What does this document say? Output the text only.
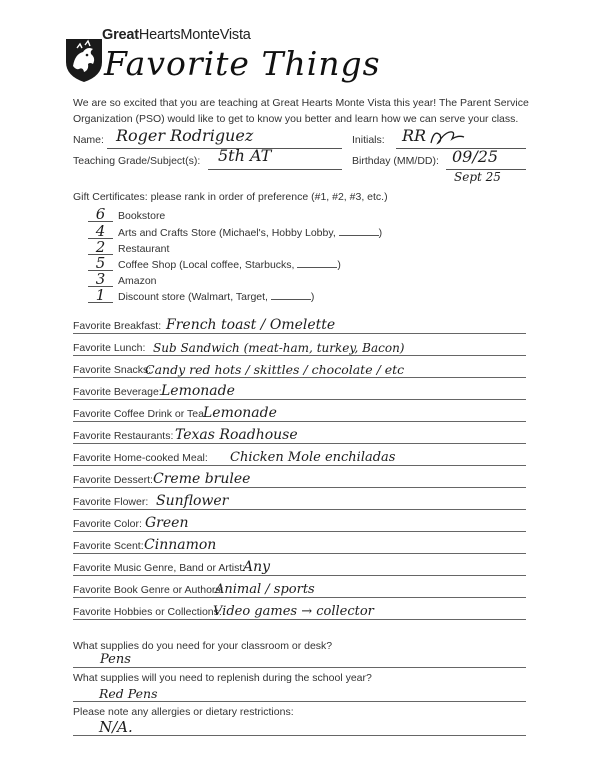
GreatHeartsMonteVista
Favorite Things
We are so excited that you are teaching at Great Hearts Monte Vista this year! The Parent Service Organization (PSO) would like to get to know you better and learn how we can serve your class.
Name: Roger Rodriguez	Initials: RR
Teaching Grade/Subject(s): 5th AT	Birthday (MM/DD): 09/25
Sept 25
Gift Certificates: please rank in order of preference (#1, #2, #3, etc.)
6 Bookstore
4 Arts and Crafts Store (Michael's, Hobby Lobby,	)
2 Restaurant
5 Coffee Shop (Local coffee, Starbucks,	)
3 Amazon
1 Discount store (Walmart, Target,	)
Favorite Breakfast: French toast / Omelette
Favorite Lunch: Sub Sandwich (meat-ham, turkey, Bacon)
Favorite Snacks:
Candy red hots / skittles / chocolate / etc
Favorite Beverage: Lemonade
Favorite Coffee Drink or Tea:
Lemonade
Favorite Restaurants: Texas Roadhouse
Favorite Home-cooked Meal: Chicken Mole enchiladas
Favorite Dessert: Creme brulee
Favorite Flower: Sunflower
Favorite Color: Green
Favorite Scent: Cinnamon
Favorite Music Genre, Band or Artist:
Any
Favorite Book Genre or Authors:
Animal / sports
Favorite Hobbies or Collections:
Video games → collector
What supplies do you need for your classroom or desk?
Pens
What supplies will you need to replenish during the school year?
Red Pens
Please note any allergies or dietary restrictions:
N/A.
